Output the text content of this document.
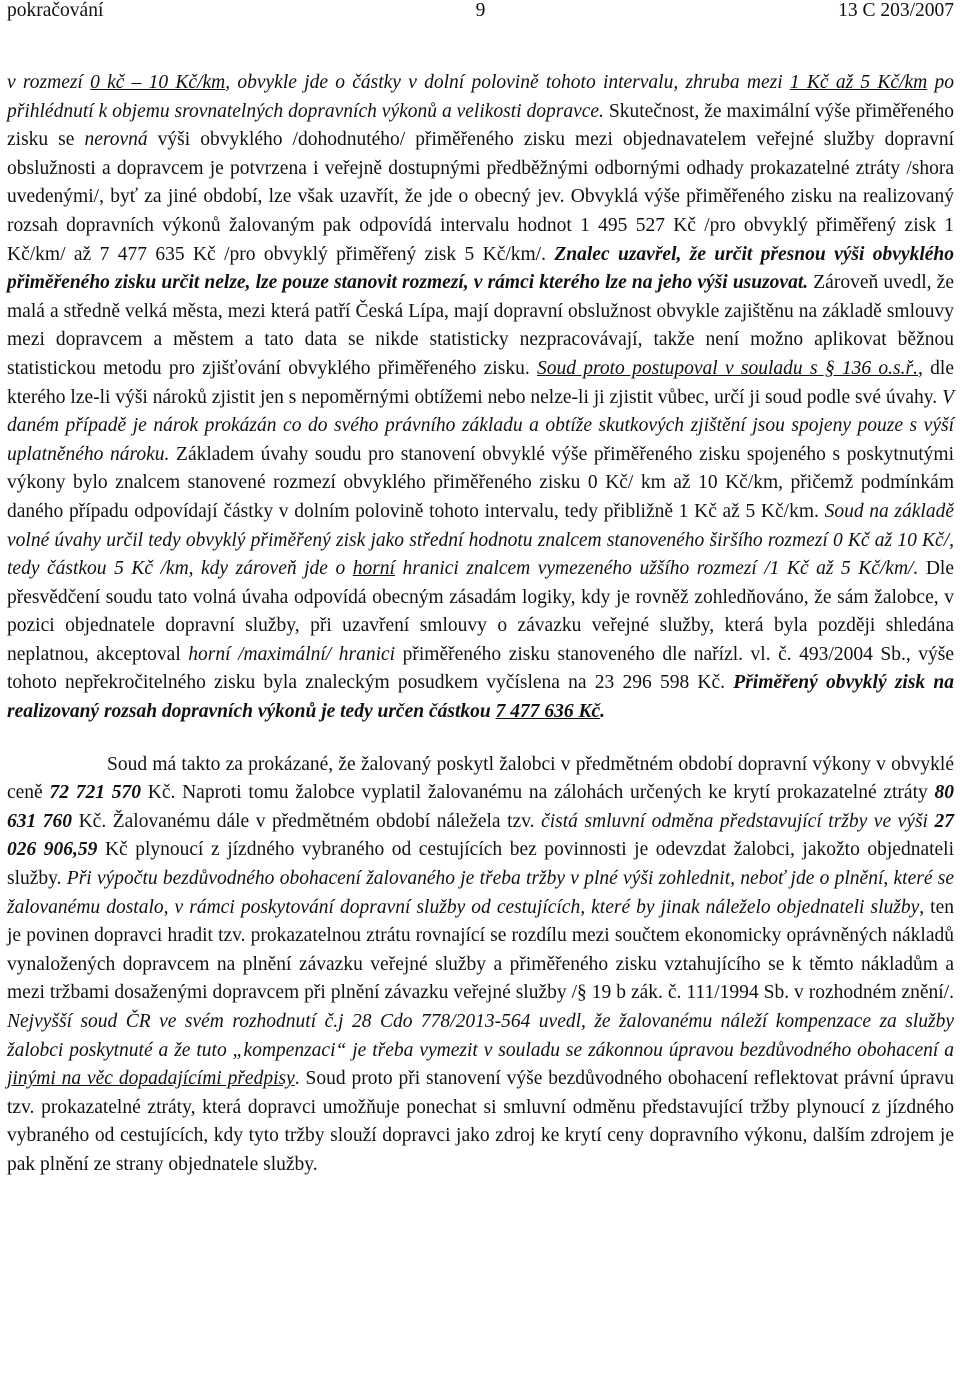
9
pokračování	13 C 203/2007

v rozmezí 0 kč – 10 Kč/km, obvykle jde o částky v dolní polovině tohoto intervalu, zhruba mezi 1 Kč až 5 Kč/km po přihlédnutí k objemu srovnatelných dopravních výkonů a velikosti dopravce. Skutečnost, že maximální výše přiměřeného zisku se nerovná výši obvyklého /dohodnutého/ přiměřeného zisku mezi objednavatelem veřejné služby dopravní obslužnosti a dopravcem je potvrzena i veřejně dostupnými předběžnými odbornými odhady prokazatelné ztráty /shora uvedenými/, byť za jiné období, lze však uzavřít, že jde o obecný jev. Obvyklá výše přiměřeného zisku na realizovaný rozsah dopravních výkonů žalovaným pak odpovídá intervalu hodnot 1 495 527 Kč /pro obvyklý přiměřený zisk 1 Kč/km/ až 7 477 635 Kč /pro obvyklý přiměřený zisk 5 Kč/km/. Znalec uzavřel, že určit přesnou výši obvyklého přiměřeného zisku určit nelze, lze pouze stanovit rozmezí, v rámci kterého lze na jeho výši usuzovat. Zároveň uvedl, že malá a středně velká města, mezi která patří Česká Lípa, mají dopravní obslužnost obvykle zajištěnu na základě smlouvy mezi dopravcem a městem a tato data se nikde statisticky nezpracovávají, takže není možno aplikovat běžnou statistickou metodu pro zjišťování obvyklého přiměřeného zisku. Soud proto postupoval v souladu s § 136 o.s.ř., dle kterého lze-li výši nároků zjistit jen s nepoměrnými obtížemi nebo nelze-li ji zjistit vůbec, určí ji soud podle své úvahy. V daném případě je nárok prokázán co do svého právního základu a obtíže skutkových zjištění jsou spojeny pouze s výší uplatněného nároku. Základem úvahy soudu pro stanovení obvyklé výše přiměřeného zisku spojeného s poskytnutými výkony bylo znalcem stanovené rozmezí obvyklého přiměřeného zisku 0 Kč/ km až 10 Kč/km, přičemž podmínkám daného případu odpovídají částky v dolním polovině tohoto intervalu, tedy přibližně 1 Kč až 5 Kč/km. Soud na základě volné úvahy určil tedy obvyklý přiměřený zisk jako střední hodnotu znalcem stanoveného širšího rozmezí 0 Kč až 10 Kč/, tedy částkou 5 Kč /km, kdy zároveň jde o horní hranici znalcem vymezeného užšího rozmezí /1 Kč až 5 Kč/km/. Dle přesvědčení soudu tato volná úvaha odpovídá obecným zásadám logiky, kdy je rovněž zohledňováno, že sám žalobce, v pozici objednatele dopravní služby, při uzavření smlouvy o závazku veřejné služby, která byla později shledána neplatnou, akceptoval horní /maximální/ hranici přiměřeného zisku stanoveného dle nařízl. vl. č. 493/2004 Sb., výše tohoto nepřekročitelného zisku byla znaleckým posudkem vyčíslena na 23 296 598 Kč. Přiměřený obvyklý zisk na realizovaný rozsah dopravních výkonů je tedy určen částkou 7 477 636 Kč.

Soud má takto za prokázané, že žalovaný poskytl žalobci v předmětném období dopravní výkony v obvyklé ceně 72 721 570 Kč. Naproti tomu žalobce vyplatil žalovanému na zálohách určených ke krytí prokazatelné ztráty 80 631 760 Kč. Žalovanému dále v předmětném období náležela tzv. čistá smluvní odměna představující tržby ve výši 27 026 906,59 Kč plynoucí z jízdného vybraného od cestujících bez povinnosti je odevzdat žalobci, jakožto objednateli služby. Při výpočtu bezdůvodného obohacení žalovaného je třeba tržby v plné výši zohlednit, neboť jde o plnění, které se žalovanému dostalo, v rámci poskytování dopravní služby od cestujících, které by jinak náleželo objednateli služby, ten je povinen dopravci hradit tzv. prokazatelnou ztrátu rovnající se rozdílu mezi součtem ekonomicky oprávněných nákladů vynaložených dopravcem na plnění závazku veřejné služby a přiměřeného zisku vztahujícího se k těmto nákladům a mezi tržbami dosaženými dopravcem při plnění závazku veřejné služby /§ 19 b zák. č. 111/1994 Sb. v rozhodném znění/. Nejvyšší soud ČR ve svém rozhodnutí č.j 28 Cdo 778/2013-564 uvedl, že žalovanému náleží kompenzace za služby žalobci poskytnuté a že tuto „kompenzaci“ je třeba vymezit v souladu se zákonnou úpravou bezdůvodného obohacení a jinými na věc dopadajícími předpisy. Soud proto při stanovení výše bezdůvodného obohacení reflektovat právní úpravu tzv. prokazatelné ztráty, která dopravci umožňuje ponechat si smluvní odměnu představující tržby plynoucí z jízdného vybraného od cestujících, kdy tyto tržby slouží dopravci jako zdroj ke krytí ceny dopravního výkonu, dalším zdrojem je pak plnění ze strany objednatele služby.
